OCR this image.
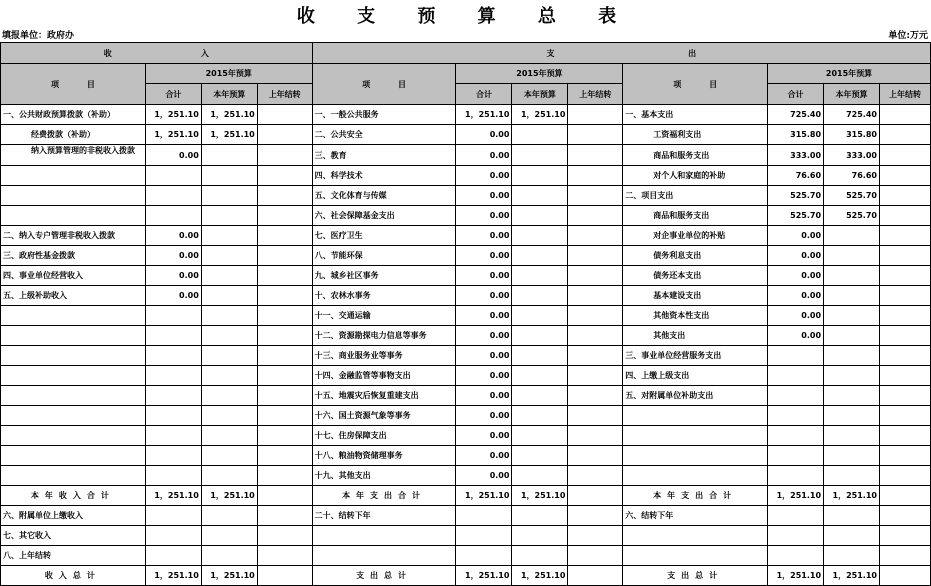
收 支 预 算 总 表
填报单位：政府办	单位:万元
收                                入				支                                                出							
项          目	2015年预算			项          目	2015年预算			项          目	2015年预算		
	合计	本年预算	上年结转		合计	本年预算	上年结转		合计	本年预算	上年结转
一、公共财政预算拨款（补助）	1，251.10	1，251.10		一、一般公共服务	1，251.10	1，251.10		一、基本支出	725.40	725.40	
经费拨款（补助）	1，251.10	1，251.10		二、公共安全	0.00			工资福利支出	315.80	315.80	
纳入预算管理的非税收入拨款	0.00			三、教育	0.00			商品和服务支出	333.00	333.00	
				四、科学技术	0.00			对个人和家庭的补助	76.60	76.60	
				五、文化体育与传媒	0.00			二、项目支出	525.70	525.70	
				六、社会保障基金支出	0.00			商品和服务支出	525.70	525.70	
二、纳入专户管理非税收入拨款	0.00			七、医疗卫生	0.00			对企事业单位的补贴	0.00		
三、政府性基金拨款	0.00			八、节能环保	0.00			债务利息支出	0.00		
四、事业单位经营收入	0.00			九、城乡社区事务	0.00			债务还本支出	0.00		
五、上级补助收入	0.00			十、农林水事务	0.00			基本建设支出	0.00		
				十一、交通运输	0.00			其他资本性支出	0.00		
				十二、资源勘探电力信息等事务	0.00			其他支出	0.00		
				十三、商业服务业等事务	0.00			三、事业单位经营服务支出			
				十四、金融监管等事物支出	0.00			四、上缴上级支出			
				十五、地震灾后恢复重建支出	0.00			五、对附属单位补助支出			
				十六、国土资源气象等事务	0.00						
				十七、住房保障支出	0.00						
				十八、粮油物资储理事务	0.00						
				十九、其他支出	0.00						
本年收入合计	1，251.10	1，251.10		本年支出合计	1，251.10	1，251.10		本年支出合计	1，251.10	1，251.10	
六、附属单位上缴收入				二十、结转下年				六、结转下年			
七、其它收入											
八、上年结转											
收入总计	1，251.10	1，251.10		支出总计	1，251.10	1，251.10		支出总计	1，251.10	1，251.10	
